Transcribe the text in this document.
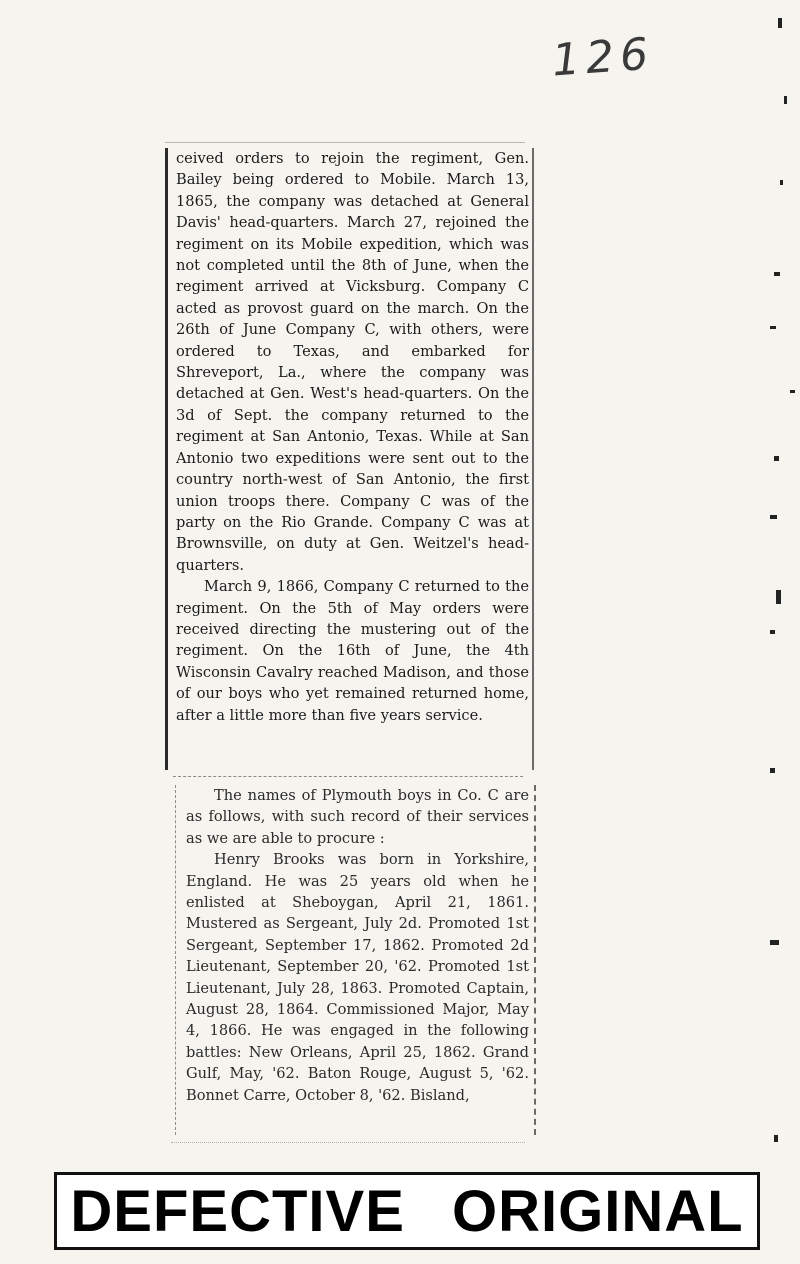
126

ceived orders to rejoin the regiment, Gen. Bailey being ordered to Mobile. March 13, 1865, the company was detached at General Davis' head-quarters. March 27, rejoined the regiment on its Mobile expedition, which was not completed until the 8th of June, when the regiment arrived at Vicksburg. Company C acted as provost guard on the march. On the 26th of June Company C, with others, were ordered to Texas, and embarked for Shreveport, La., where the company was detached at Gen. West's head-quarters. On the 3d of Sept. the company returned to the regiment at San Antonio, Texas. While at San Antonio two expeditions were sent out to the country north-west of San Antonio, the first union troops there. Company C was of the party on the Rio Grande. Company C was at Brownsville, on duty at Gen. Weitzel's head-quarters.

March 9, 1866, Company C returned to the regiment. On the 5th of May orders were received directing the mustering out of the regiment. On the 16th of June, the 4th Wisconsin Cavalry reached Madison, and those of our boys who yet remained returned home, after a little more than five years service.

The names of Plymouth boys in Co. C are as follows, with such record of their services as we are able to procure :

Henry Brooks was born in Yorkshire, England. He was 25 years old when he enlisted at Sheboygan, April 21, 1861. Mustered as Sergeant, July 2d. Promoted 1st Sergeant, September 17, 1862. Promoted 2d Lieutenant, September 20, '62. Promoted 1st Lieutenant, July 28, 1863. Promoted Captain, August 28, 1864. Commissioned Major, May 4, 1866. He was engaged in the following battles: New Orleans, April 25, 1862. Grand Gulf, May, '62. Baton Rouge, August 5, '62. Bonnet Carre, October 8, '62. Bisland,

DEFECTIVE ORIGINAL
